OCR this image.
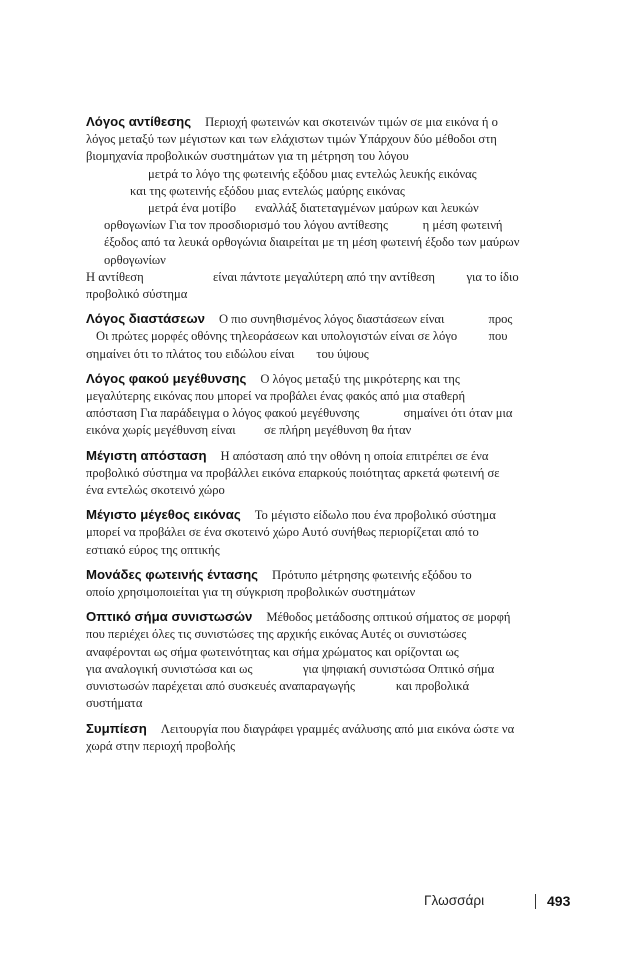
Λόγος αντίθεσης Περιοχή φωτεινών και σκοτεινών τιμών σε μια εικόνα ή ο
λόγος μεταξύ των μέγιστων και των ελάχιστων τιμών Υπάρχουν δύο μέθοδοι στη
βιομηχανία προβολικών συστημάτων για τη μέτρηση του λόγου
μετρά το λόγο της φωτεινής εξόδου μιας εντελώς λευκής εικόνας
και της φωτεινής εξόδου μιας εντελώς μαύρης εικόνας
μετρά ένα μοτίβο      εναλλάξ διατεταγμένων μαύρων και λευκών
ορθογωνίων Για τον προσδιορισμό του λόγου αντίθεσης           η μέση φωτεινή
έξοδος από τα λευκά ορθογώνια διαιρείται με τη μέση φωτεινή έξοδο των μαύρων
ορθογωνίων
Η αντίθεση                      είναι πάντοτε μεγαλύτερη από την αντίθεση          για το ίδιο
προβολικό σύστημα
Λόγος διαστάσεων Ο πιο συνηθισμένος λόγος διαστάσεων είναι              προς
Οι πρώτες μορφές οθόνης τηλεοράσεων και υπολογιστών είναι σε λόγο          που
σημαίνει ότι το πλάτος του ειδώλου είναι       του ύψους
Λόγος φακού μεγέθυνσης Ο λόγος μεταξύ της μικρότερης και της
μεγαλύτερης εικόνας που μπορεί να προβάλει ένας φακός από μια σταθερή
απόσταση Για παράδειγμα ο λόγος φακού μεγέθυνσης              σημαίνει ότι όταν μια
εικόνα χωρίς μεγέθυνση είναι         σε πλήρη μεγέθυνση θα ήταν
Μέγιστη απόσταση Η απόσταση από την οθόνη η οποία επιτρέπει σε ένα
προβολικό σύστημα να προβάλλει εικόνα επαρκούς ποιότητας αρκετά φωτεινή σε
ένα εντελώς σκοτεινό χώρο
Μέγιστο μέγεθος εικόνας Το μέγιστο είδωλο που ένα προβολικό σύστημα
μπορεί να προβάλει σε ένα σκοτεινό χώρο Αυτό συνήθως περιορίζεται από το
εστιακό εύρος της οπτικής
Μονάδες φωτεινής έντασης Πρότυπο μέτρησης φωτεινής εξόδου το
οποίο χρησιμοποιείται για τη σύγκριση προβολικών συστημάτων
Οπτικό σήμα συνιστωσών Μέθοδος μετάδοσης οπτικού σήματος σε μορφή
που περιέχει όλες τις συνιστώσες της αρχικής εικόνας Αυτές οι συνιστώσες
αναφέρονται ως σήμα φωτεινότητας και σήμα χρώματος και ορίζονται ως
για αναλογική συνιστώσα και ως                για ψηφιακή συνιστώσα Οπτικό σήμα
συνιστωσών παρέχεται από συσκευές αναπαραγωγής             και προβολικά
συστήματα
Συμπίεση Λειτουργία που διαγράφει γραμμές ανάλυσης από μια εικόνα ώστε να
χωρά στην περιοχή προβολής
Γλωσσάρι	493
